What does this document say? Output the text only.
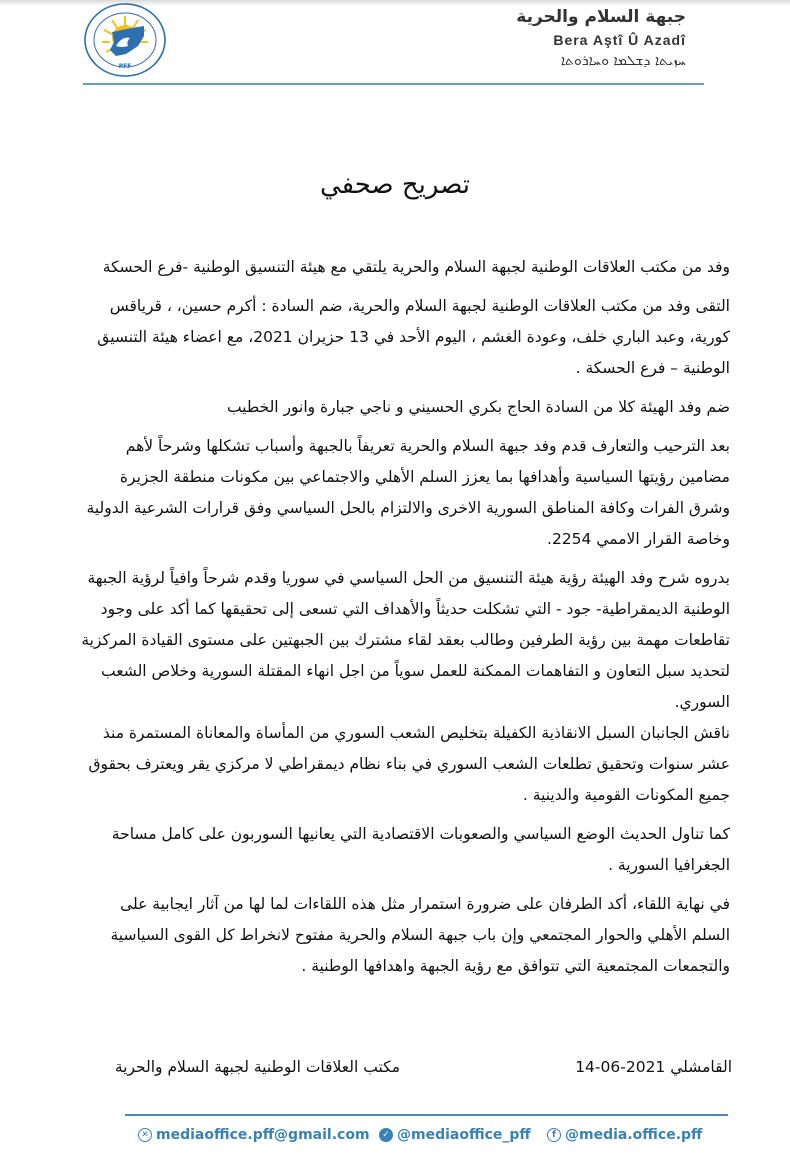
PFF
جبهة السلام والحرية
Bera Aştî Û Azadî
ܚܙܝܬܐ ܕܫܠܡܐ ܘܚܐܪܘܬܐ
تصريح صحفي

وفد من مكتب العلاقات الوطنية لجبهة السلام والحرية يلتقي مع هيئة التنسيق الوطنية -فرع الحسكة

التقى وفد من مكتب العلاقات الوطنية لجبهة السلام والحرية، ضم السادة : أكرم حسين، ، قرياقس كورية، وعبد الباري خلف، وعودة الغشم ، اليوم الأحد في 13 حزيران 2021، مع اعضاء هيئة التنسيق الوطنية – فرع الحسكة .

ضم وفد الهيئة كلا من السادة الحاج بكري الحسيني و ناجي جبارة وانور الخطيب

بعد الترحيب والتعارف قدم وفد جبهة السلام والحرية تعريفاً بالجبهة وأسباب تشكلها وشرحاً لأهم مضامين رؤيتها السياسية وأهدافها بما يعزز السلم الأهلي والاجتماعي بين مكونات منطقة الجزيرة وشرق الفرات وكافة المناطق السورية الاخرى والالتزام بالحل السياسي وفق قرارات الشرعية الدولية وخاصة القرار الاممي 2254.

بدروه شرح وفد الهيئة رؤية هيئة التنسيق من الحل السياسي في سوريا وقدم شرحاً وافياً لرؤية الجبهة الوطنية الديمقراطية- جود - التي تشكلت حديثاً والأهداف التي تسعى إلى تحقيقها كما أكد على وجود تقاطعات مهمة بين رؤية الطرفين وطالب بعقد لقاء مشترك بين الجبهتين على مستوى القيادة المركزية لتحديد سبل التعاون و التفاهمات الممكنة للعمل سوياً من اجل انهاء المقتلة السورية وخلاص الشعب السوري.

ناقش الجانبان السبل الانقاذية الكفيلة بتخليص الشعب السوري من المأساة والمعاناة المستمرة منذ عشر سنوات وتحقيق تطلعات الشعب السوري في بناء نظام ديمقراطي لا مركزي يقر ويعترف بحقوق جميع المكونات القومية والدينية .

كما تناول الحديث الوضع السياسي والصعوبات الاقتصادية التي يعانيها السوربون على كامل مساحة الجغرافيا السورية .

في نهاية اللقاء، أكد الطرفان على ضرورة استمرار مثل هذه اللقاءات لما لها من آثار ايجابية على السلم الأهلي والحوار المجتمعي وإن باب جبهة السلام والحرية مفتوح لانخراط كل القوى السياسية والتجمعات المجتمعية التي تتوافق مع رؤية الجبهة واهدافها الوطنية .

القامشلي 2021-06-14
مكتب العلاقات الوطنية لجبهة السلام والحرية
✕ mediaoffice.pff@gmail.com	✓ @mediaoffice_pff	f @media.office.pff
